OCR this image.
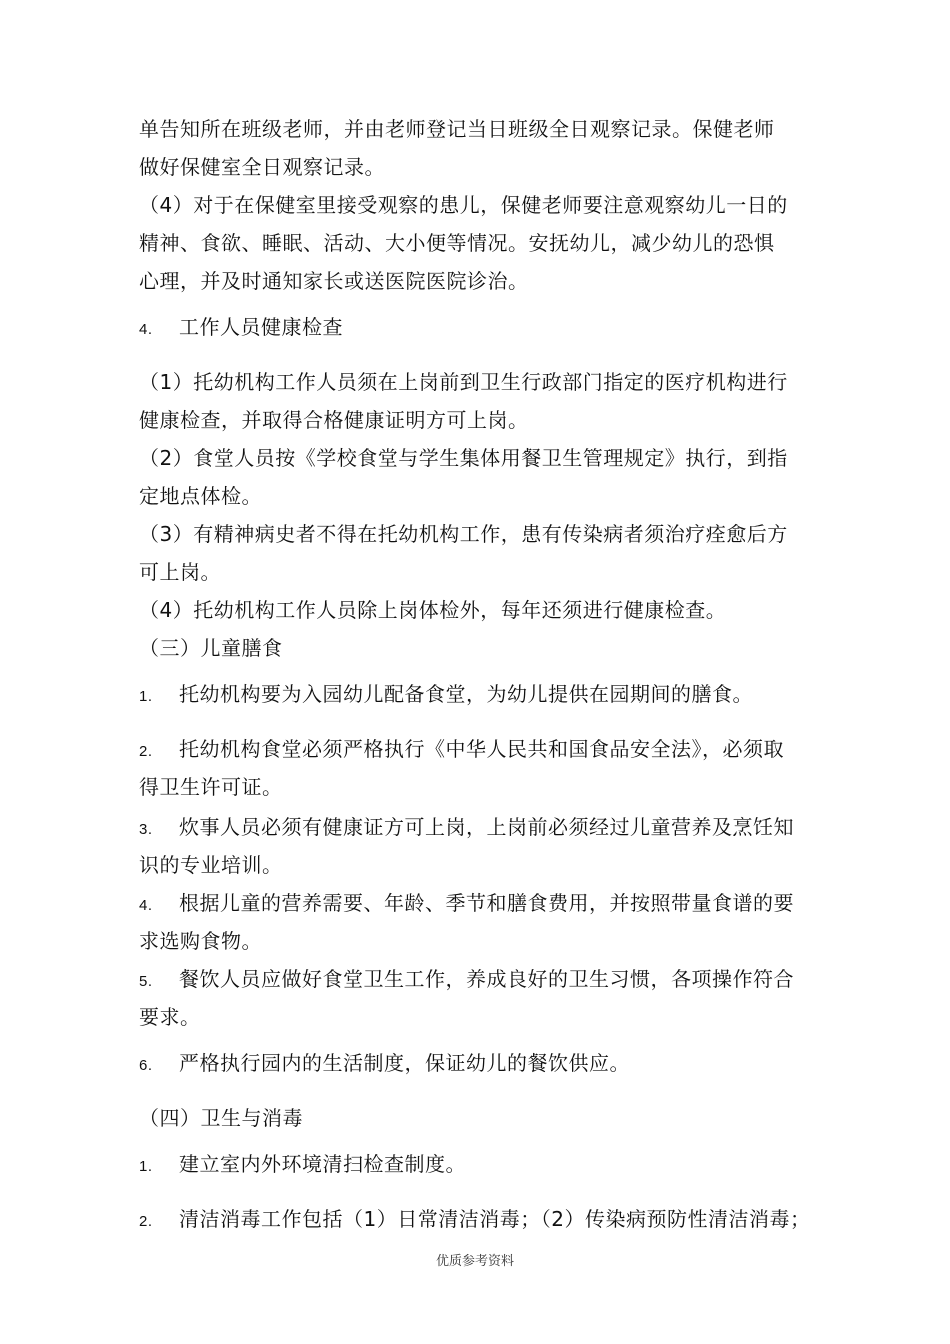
单告知所在班级老师，并由老师登记当日班级全日观察记录。保健老师
做好保健室全日观察记录。
（4）对于在保健室里接受观察的患儿，保健老师要注意观察幼儿一日的
精神、食欲、睡眠、活动、大小便等情况。安抚幼儿，减少幼儿的恐惧
心理，并及时通知家长或送医院医院诊治。
4. 工作人员健康检查
（1）托幼机构工作人员须在上岗前到卫生行政部门指定的医疗机构进行
健康检查，并取得合格健康证明方可上岗。
（2）食堂人员按《学校食堂与学生集体用餐卫生管理规定》执行，到指
定地点体检。
（3）有精神病史者不得在托幼机构工作，患有传染病者须治疗痊愈后方
可上岗。
（4）托幼机构工作人员除上岗体检外，每年还须进行健康检查。
（三）儿童膳食
1. 托幼机构要为入园幼儿配备食堂，为幼儿提供在园期间的膳食。
2. 托幼机构食堂必须严格执行《中华人民共和国食品安全法》，必须取
得卫生许可证。
3. 炊事人员必须有健康证方可上岗，上岗前必须经过儿童营养及烹饪知
识的专业培训。
4. 根据儿童的营养需要、年龄、季节和膳食费用，并按照带量食谱的要
求选购食物。
5. 餐饮人员应做好食堂卫生工作，养成良好的卫生习惯，各项操作符合
要求。
6. 严格执行园内的生活制度，保证幼儿的餐饮供应。
（四）卫生与消毒
1. 建立室内外环境清扫检查制度。
2. 清洁消毒工作包括（1）日常清洁消毒；（2）传染病预防性清洁消毒；
优质参考资料
